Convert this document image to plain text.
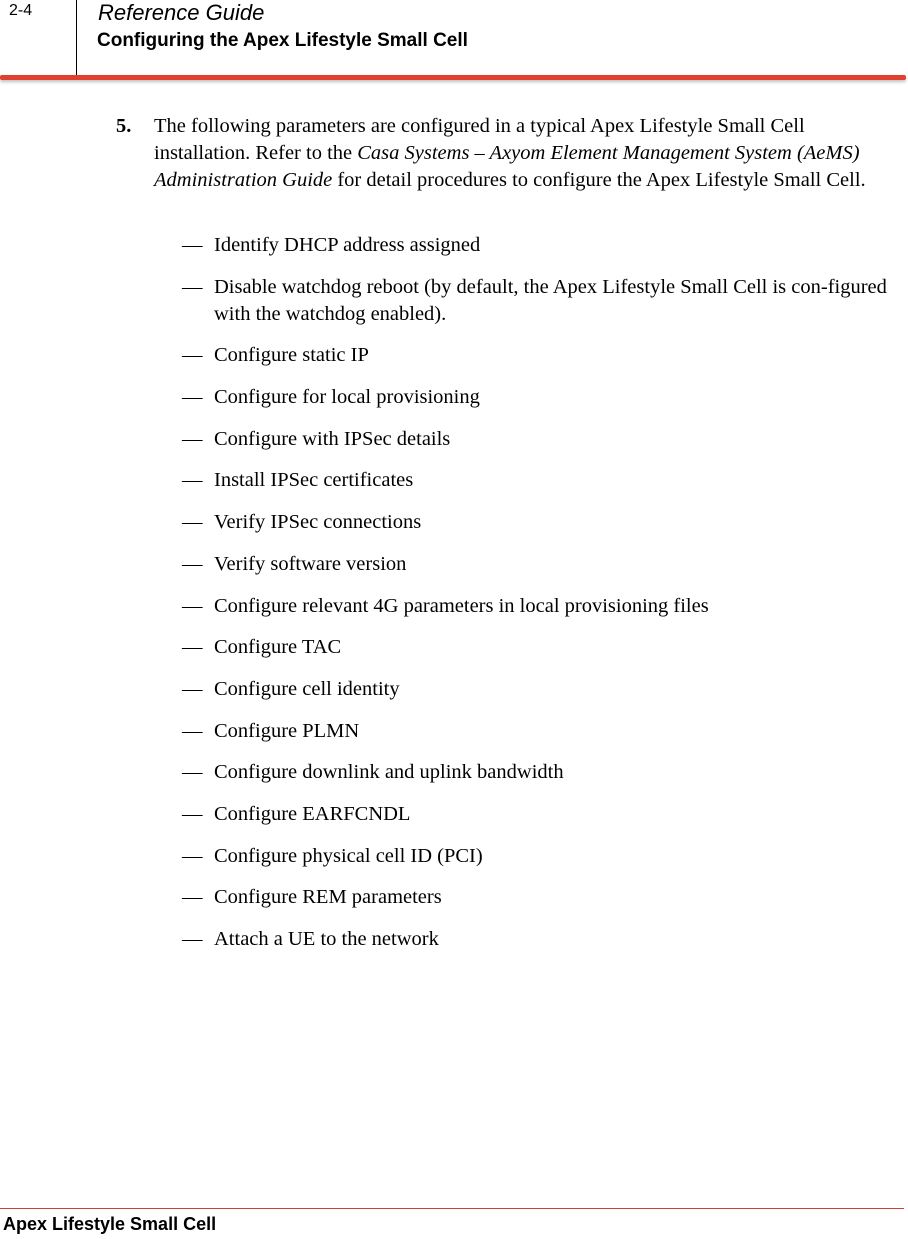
2-4	Reference Guide
Configuring the Apex Lifestyle Small Cell
5. The following parameters are configured in a typical Apex Lifestyle Small Cell installation. Refer to the Casa Systems – Axyom Element Management System (AeMS) Administration Guide for detail procedures to configure the Apex Lifestyle Small Cell.
— Identify DHCP address assigned
— Disable watchdog reboot (by default, the Apex Lifestyle Small Cell is con-figured with the watchdog enabled).
— Configure static IP
— Configure for local provisioning
— Configure with IPSec details
— Install IPSec certificates
— Verify IPSec connections
— Verify software version
— Configure relevant 4G parameters in local provisioning files
— Configure TAC
— Configure cell identity
— Configure PLMN
— Configure downlink and uplink bandwidth
— Configure EARFCNDL
— Configure physical cell ID (PCI)
— Configure REM parameters
— Attach a UE to the network
Apex Lifestyle Small Cell
